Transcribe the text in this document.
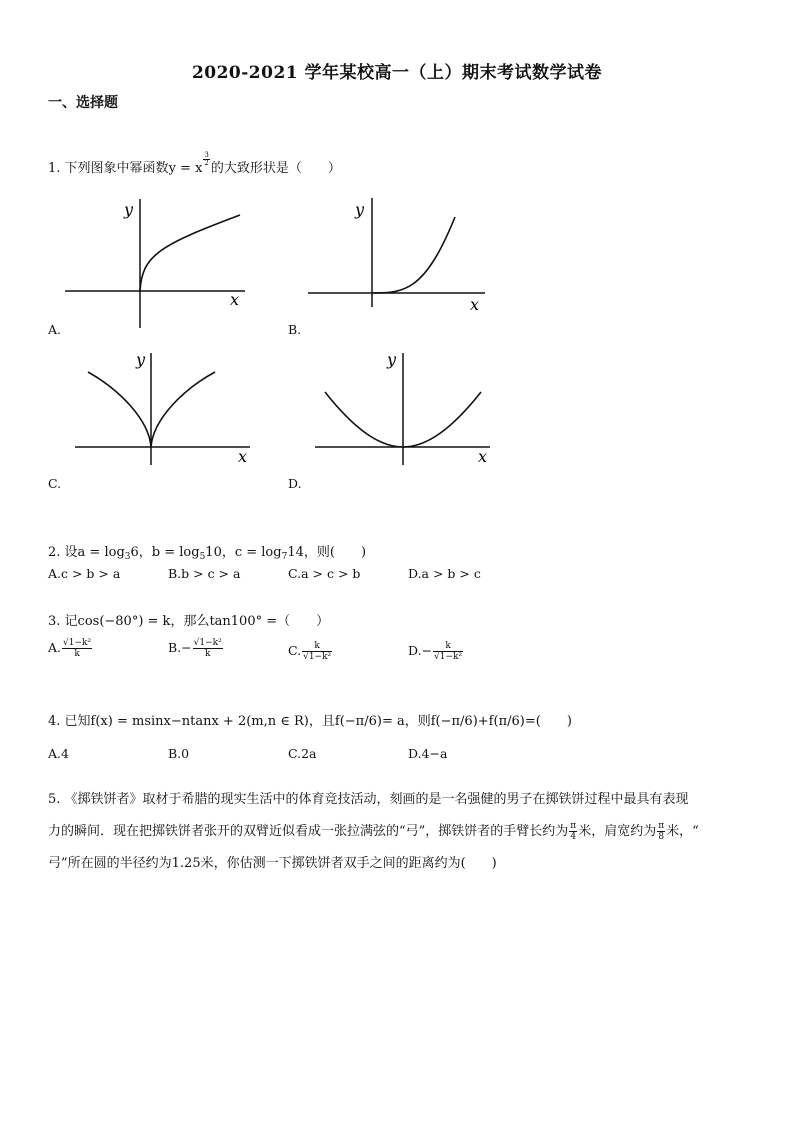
2020-2021 学年某校高一（上）期末考试数学试卷
一、选择题
1. 下列图象中幂函数y = x
$\frac{3}{2}$
的大致形状是（　　）
y
x
A.
y
x
B.
y
x
C.
y
x
D.
2. 设$a = \log_36$，$b = \log_510$，$c = \log_714$，则(　　)
A.c > b > a	B.b > c > a	C.a > c > b	D.a > b > c
3. 记cos(−80°) = k，那么tan100° =（　　）
A. $\frac{\text{√1−k²}}{k}$	$B.- \frac{\text{√1−k²}}{k}$	C. $\frac{k}{\text{√1−k²}}$	$D.- \frac{k}{\text{√1−k²}}$
4. 已知f(x) = msinx−ntanx + 2(m,n ∈ R)，且f(−π/6)= a，则f(−π/6)+f(π/6)=(　　)
A.4	B.0	C.2a	D.4−a
5. 《掷铁饼者》取材于希腊的现实生活中的体育竞技活动，刻画的是一名强健的男子在掷铁饼过程中最具有表现
力的瞬间．现在把掷铁饼者张开的双臂近似看成一张拉满弦的“弓”，掷铁饼者的手臂长约为 $\frac{\pi}{4}$ 米，肩宽约为 $\frac{\pi}{8}$ 米，“
弓”所在圆的半径约为1.25米，你估测一下掷铁饼者双手之间的距离约为(　　)
